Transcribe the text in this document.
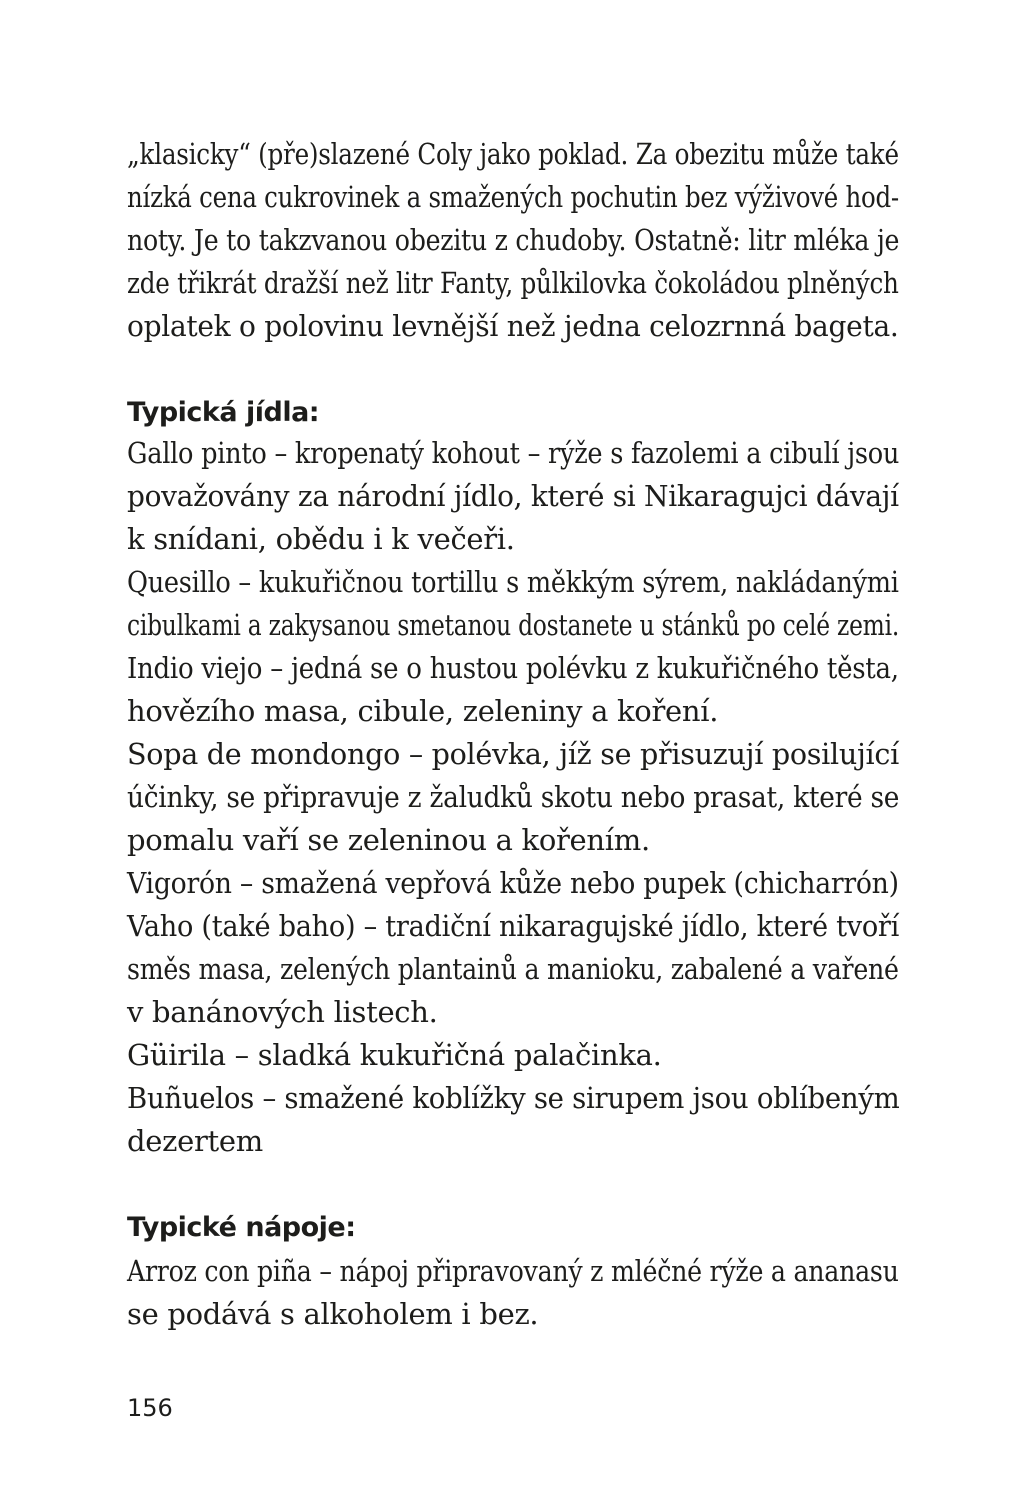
„klasicky“ (pře)slazené Coly jako poklad. Za obezitu může také
nízká cena cukrovinek a smažených pochutin bez výživové hod-
noty. Je to takzvanou obezitu z chudoby. Ostatně: litr mléka je
zde třikrát dražší než litr Fanty, půlkilovka čokoládou plněných
oplatek o polovinu levnější než jedna celozrnná bageta.
Typická jídla:
Gallo pinto – kropenatý kohout – rýže s fazolemi a cibulí jsou
považovány za národní jídlo, které si Nikaragujci dávají
k snídani, obědu i k večeři.
Quesillo – kukuřičnou tortillu s měkkým sýrem, nakládanými
cibulkami a zakysanou smetanou dostanete u stánků po celé zemi.
Indio viejo – jedná se o hustou polévku z kukuřičného těsta,
hovězího masa, cibule, zeleniny a koření.
Sopa de mondongo – polévka, jíž se přisuzují posilující
účinky, se připravuje z žaludků skotu nebo prasat, které se
pomalu vaří se zeleninou a kořením.
Vigorón – smažená vepřová kůže nebo pupek (chicharrón)
Vaho (také baho) – tradiční nikaragujské jídlo, které tvoří
směs masa, zelených plantainů a manioku, zabalené a vařené
v banánových listech.
Güirila – sladká kukuřičná palačinka.
Buñuelos – smažené koblížky se sirupem jsou oblíbeným
dezertem
Typické nápoje:
Arroz con piña – nápoj připravovaný z mléčné rýže a ananasu
se podává s alkoholem i bez.
156
